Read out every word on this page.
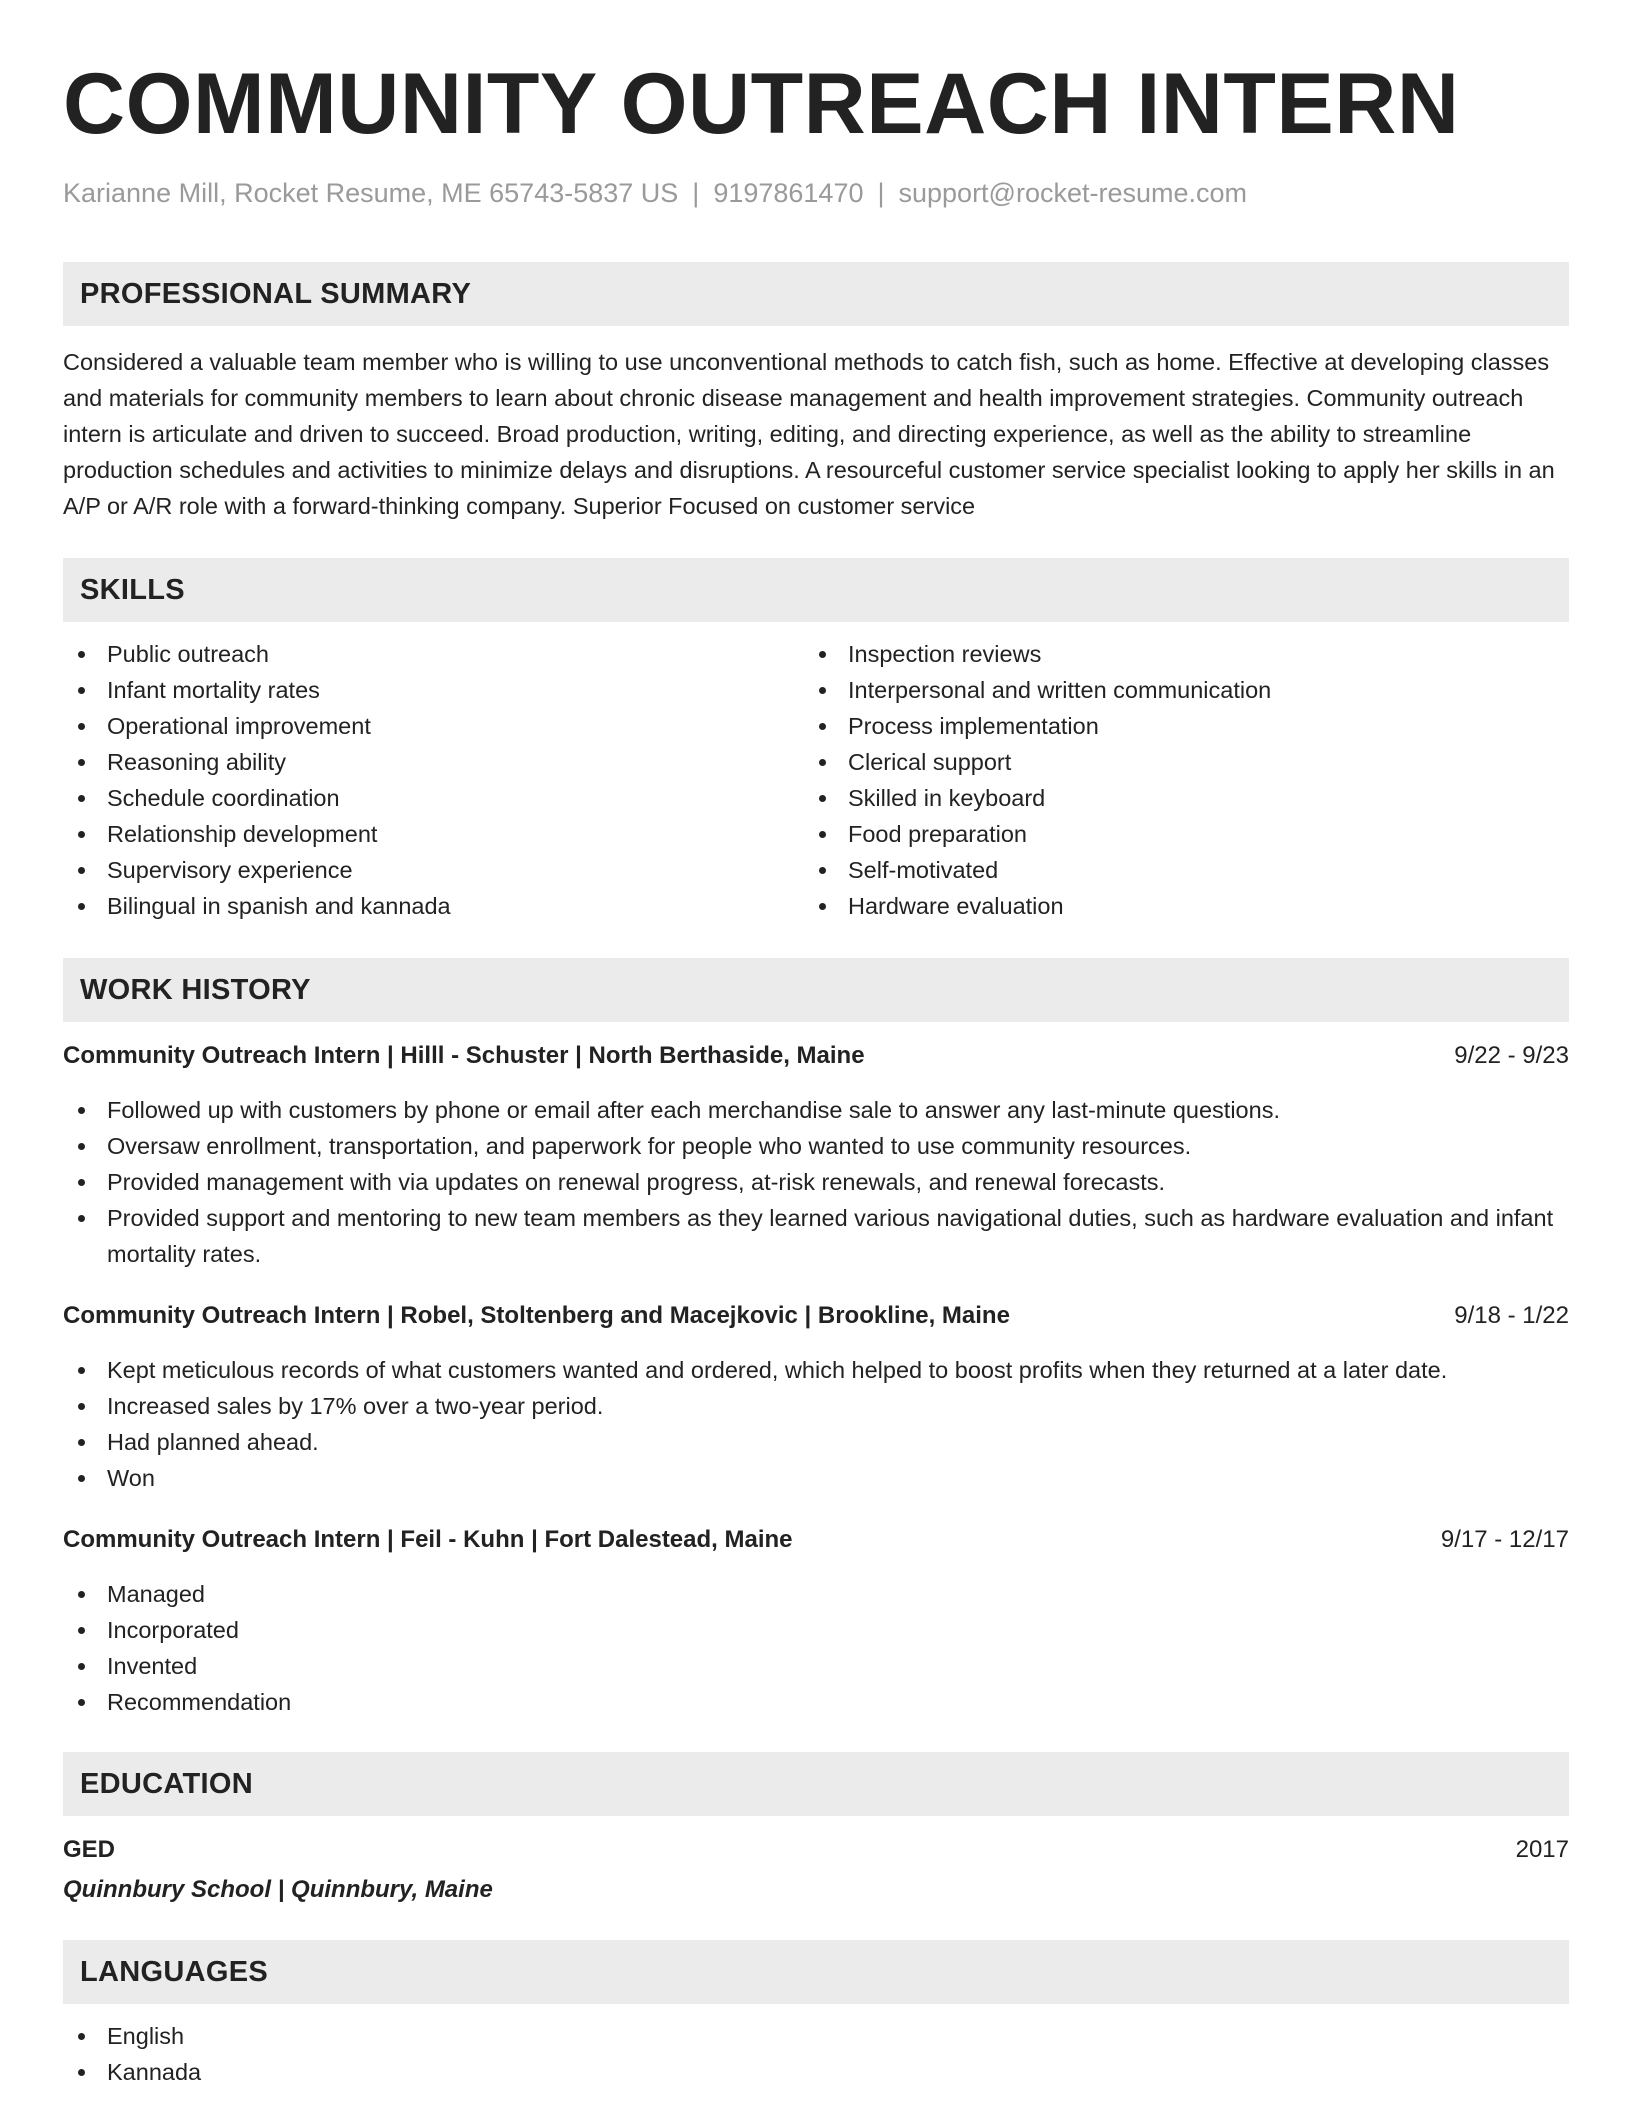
COMMUNITY OUTREACH INTERN
Karianne Mill, Rocket Resume, ME 65743-5837 US | 9197861470 | support@rocket-resume.com
PROFESSIONAL SUMMARY

Considered a valuable team member who is willing to use unconventional methods to catch fish, such as home. Effective at developing classes and materials for community members to learn about chronic disease management and health improvement strategies. Community outreach intern is articulate and driven to succeed. Broad production, writing, editing, and directing experience, as well as the ability to streamline production schedules and activities to minimize delays and disruptions. A resourceful customer service specialist looking to apply her skills in an A/P or A/R role with a forward-thinking company. Superior Focused on customer service

SKILLS
Public outreach
Infant mortality rates
Operational improvement
Reasoning ability
Schedule coordination
Relationship development
Supervisory experience
Bilingual in spanish and kannada
Inspection reviews
Interpersonal and written communication
Process implementation
Clerical support
Skilled in keyboard
Food preparation
Self-motivated
Hardware evaluation
WORK HISTORY
Community Outreach Intern | Hilll - Schuster | North Berthaside, Maine	9/22 - 9/23
Followed up with customers by phone or email after each merchandise sale to answer any last-minute questions.
Oversaw enrollment, transportation, and paperwork for people who wanted to use community resources.
Provided management with via updates on renewal progress, at-risk renewals, and renewal forecasts.
Provided support and mentoring to new team members as they learned various navigational duties, such as hardware evaluation and infant mortality rates.
Community Outreach Intern | Robel, Stoltenberg and Macejkovic | Brookline, Maine	9/18 - 1/22
Kept meticulous records of what customers wanted and ordered, which helped to boost profits when they returned at a later date.
Increased sales by 17% over a two-year period.
Had planned ahead.
Won
Community Outreach Intern | Feil - Kuhn | Fort Dalestead, Maine	9/17 - 12/17
Managed
Incorporated
Invented
Recommendation
EDUCATION
GED	2017
Quinnbury School | Quinnbury, Maine
LANGUAGES
English
Kannada
